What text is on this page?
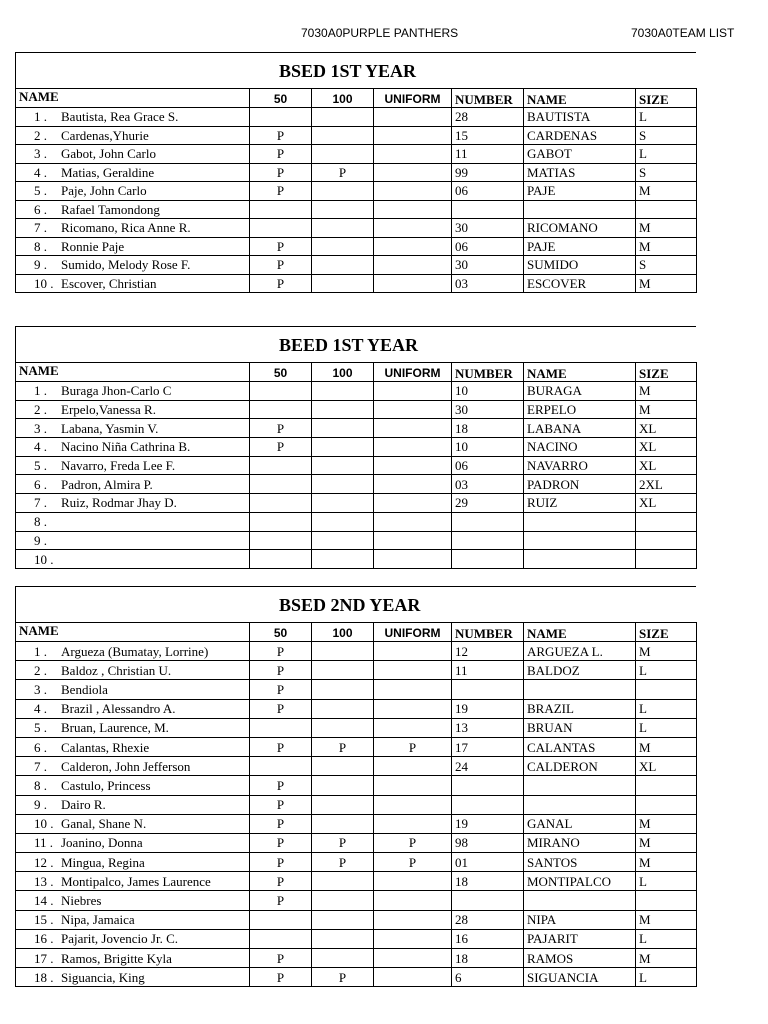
7030A0PURPLE PANTHERS	7030A0TEAM LIST
BSED 1ST YEAR
NAME	50	100	UNIFORM	NUMBER	NAME	SIZE
1 . Bautista, Rea Grace S.				28	BAUTISTA	L
2 . Cardenas,Yhurie	P			15	CARDENAS	S
3 . Gabot, John Carlo	P			11	GABOT	L
4 . Matias, Geraldine	P	P		99	MATIAS	S
5 . Paje, John Carlo	P			06	PAJE	M
6 . Rafael Tamondong						
7 . Ricomano, Rica Anne R.				30	RICOMANO	M
8 . Ronnie Paje	P			06	PAJE	M
9 . Sumido, Melody Rose F.	P			30	SUMIDO	S
10 . Escover, Christian	P			03	ESCOVER	M
BEED 1ST YEAR
NAME	50	100	UNIFORM	NUMBER	NAME	SIZE
1 . Buraga Jhon-Carlo C				10	BURAGA	M
2 . Erpelo,Vanessa R.				30	ERPELO	M
3 . Labana, Yasmin V.	P			18	LABANA	XL
4 . Nacino Niña Cathrina B.	P			10	NACINO	XL
5 . Navarro, Freda Lee F.				06	NAVARRO	XL
6 . Padron, Almira P.				03	PADRON	2XL
7 . Ruiz, Rodmar Jhay D.				29	RUIZ	XL
8 .						
9 .						
10 .						
BSED 2ND YEAR
NAME	50	100	UNIFORM	NUMBER	NAME	SIZE
1 . Argueza (Bumatay, Lorrine)	P			12	ARGUEZA L.	M
2 . Baldoz , Christian U.	P			11	BALDOZ	L
3 . Bendiola	P					
4 . Brazil , Alessandro A.	P			19	BRAZIL	L
5 . Bruan, Laurence, M.				13	BRUAN	L
6 . Calantas, Rhexie	P	P	P	17	CALANTAS	M
7 . Calderon, John Jefferson				24	CALDERON	XL
8 . Castulo, Princess	P					
9 . Dairo R.	P					
10 . Ganal, Shane N.	P			19	GANAL	M
11 . Joanino, Donna	P	P	P	98	MIRANO	M
12 . Mingua, Regina	P	P	P	01	SANTOS	M
13 . Montipalco, James Laurence	P			18	MONTIPALCO	L
14 . Niebres	P					
15 . Nipa, Jamaica				28	NIPA	M
16 . Pajarit, Jovencio Jr. C.				16	PAJARIT	L
17 . Ramos, Brigitte Kyla	P			18	RAMOS	M
18 . Siguancia, King	P	P		6	SIGUANCIA	L
